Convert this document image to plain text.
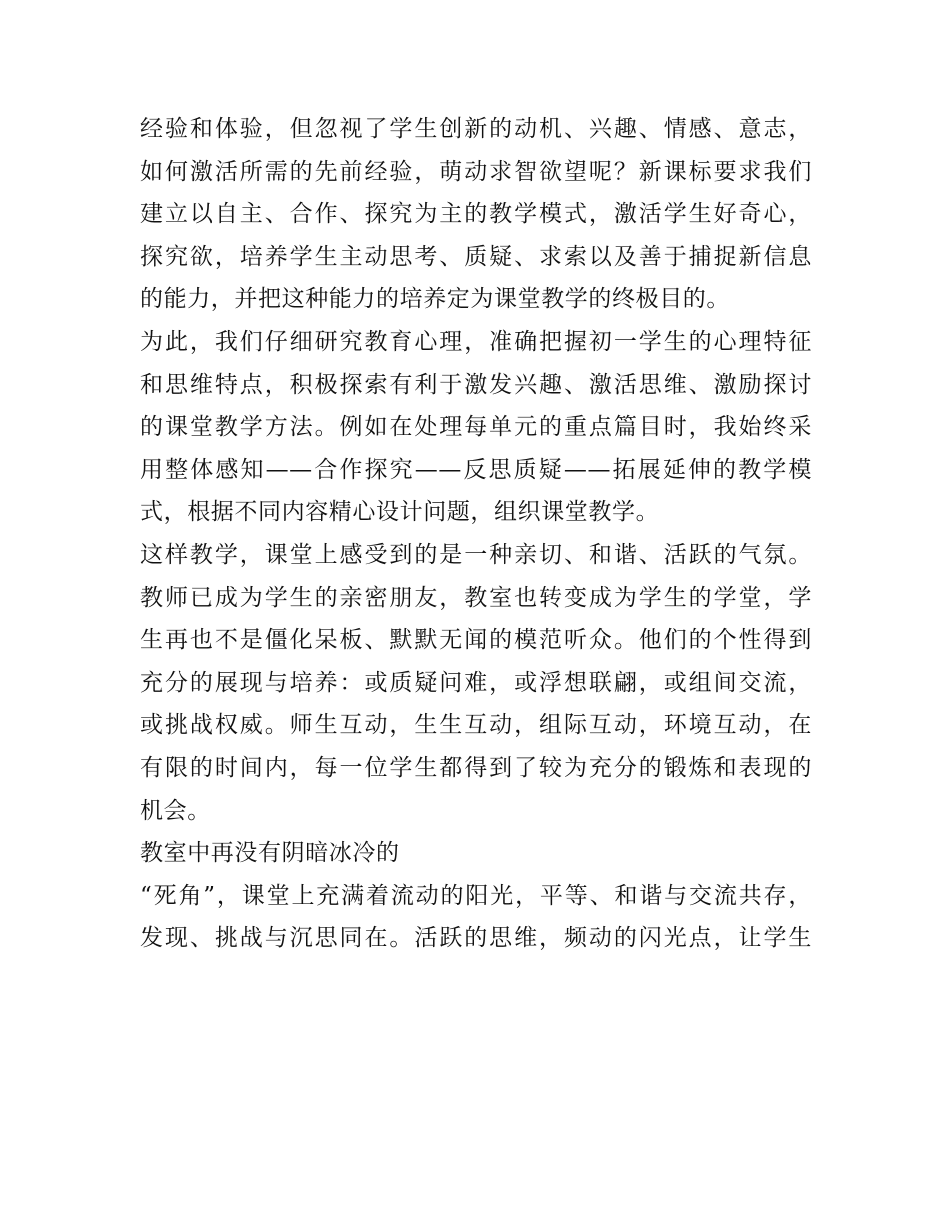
经验和体验，但忽视了学生创新的动机、兴趣、情感、意志，
如何激活所需的先前经验，萌动求智欲望呢？新课标要求我们
建立以自主、合作、探究为主的教学模式，激活学生好奇心，
探究欲，培养学生主动思考、质疑、求索以及善于捕捉新信息
的能力，并把这种能力的培养定为课堂教学的终极目的。
为此，我们仔细研究教育心理，准确把握初一学生的心理特征
和思维特点，积极探索有利于激发兴趣、激活思维、激励探讨
的课堂教学方法。例如在处理每单元的重点篇目时，我始终采
用整体感知——合作探究——反思质疑——拓展延伸的教学模
式，根据不同内容精心设计问题，组织课堂教学。
这样教学，课堂上感受到的是一种亲切、和谐、活跃的气氛。
教师已成为学生的亲密朋友，教室也转变成为学生的学堂，学
生再也不是僵化呆板、默默无闻的模范听众。他们的个性得到
充分的展现与培养：或质疑问难，或浮想联翩，或组间交流，
或挑战权威。师生互动，生生互动，组际互动，环境互动，在
有限的时间内，每一位学生都得到了较为充分的锻炼和表现的
机会。
教室中再没有阴暗冰冷的
“死角”，课堂上充满着流动的阳光，平等、和谐与交流共存，
发现、挑战与沉思同在。活跃的思维，频动的闪光点，让学生
